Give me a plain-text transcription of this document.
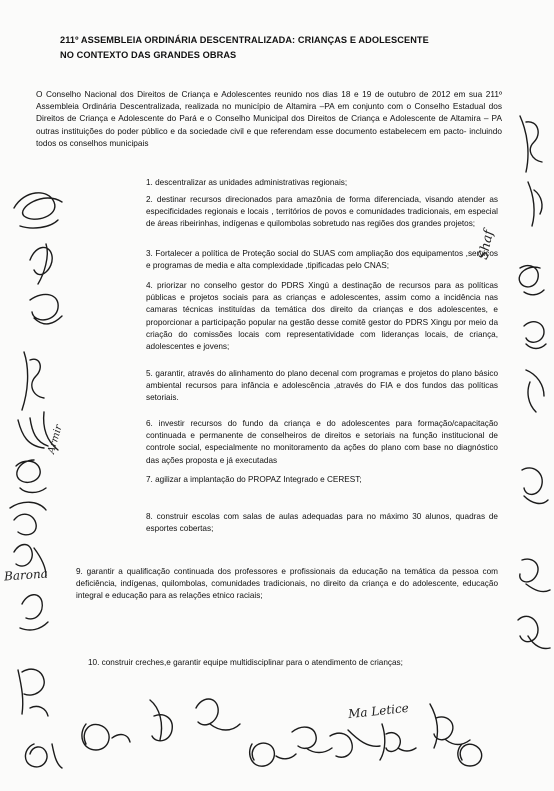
211º ASSEMBLEIA ORDINÁRIA DESCENTRALIZADA: CRIANÇAS E ADOLESCENTE
NO CONTEXTO DAS GRANDES OBRAS
O Conselho Nacional dos Direitos de Criança e Adolescentes reunido nos dias 18 e 19 de outubro de 2012 em sua 211º Assembleia Ordinária Descentralizada, realizada no município de Altamira –PA em conjunto com o Conselho Estadual dos Direitos de Criança e Adolescente do Pará e o Conselho Municipal dos Direitos de Criança e Adolescente de Altamira – PA outras instituições do poder público e da sociedade civil e que referendam esse documento estabelecem em pacto- incluindo todos os conselhos municipais
1. descentralizar as unidades administrativas regionais;
2. destinar recursos direcionados para amazônia de forma diferenciada, visando atender as especificidades regionais e locais , territórios de povos e comunidades tradicionais, em especial de áreas ribeirinhas, indígenas e quilombolas sobretudo nas regiões dos grandes projetos;
3. Fortalecer a política de Proteção social do SUAS com ampliação dos equipamentos ,serviços e programas de media e alta complexidade ,tipificadas pelo CNAS;
4. priorizar no conselho gestor do PDRS Xingú a destinação de recursos para as políticas públicas e projetos sociais para as crianças e adolescentes, assim como a incidência nas camaras técnicas instituídas da temática dos direito da crianças e dos adolescentes, e proporcionar a participação popular na gestão desse comitê gestor do PDRS Xingu por meio da criação do comissões locais com representatividade com lideranças locais, de criança, adolescentes e jovens;
5. garantir, através do alinhamento do plano decenal com programas e projetos do plano básico ambiental recursos para infância e adolescência ,através do FIA e dos fundos das políticas setoriais.
6. investir recursos do fundo da criança e do adolescentes para formação/capacitação continuada e permanente de conselheiros de direitos e setoriais na função institucional de controle social, especialmente no monitoramento da ações do plano com base no diagnóstico das ações proposta e já executadas
7. agilizar a implantação do PROPAZ Integrado e CEREST;
8. construir escolas com salas de aulas adequadas para no máximo 30 alunos, quadras de esportes cobertas;
9. garantir a qualificação continuada dos professores e profissionais da educação na temática da pessoa com deficiência, indígenas, quilombolas, comunidades tradicionais, no direito da criança e do adolescente, educação integral e educação para as relações etnico raciais;
10. construir creches,e garantir equipe multidisciplinar para o atendimento de crianças;
Shaf
Barona
Ma Letice
Armir
